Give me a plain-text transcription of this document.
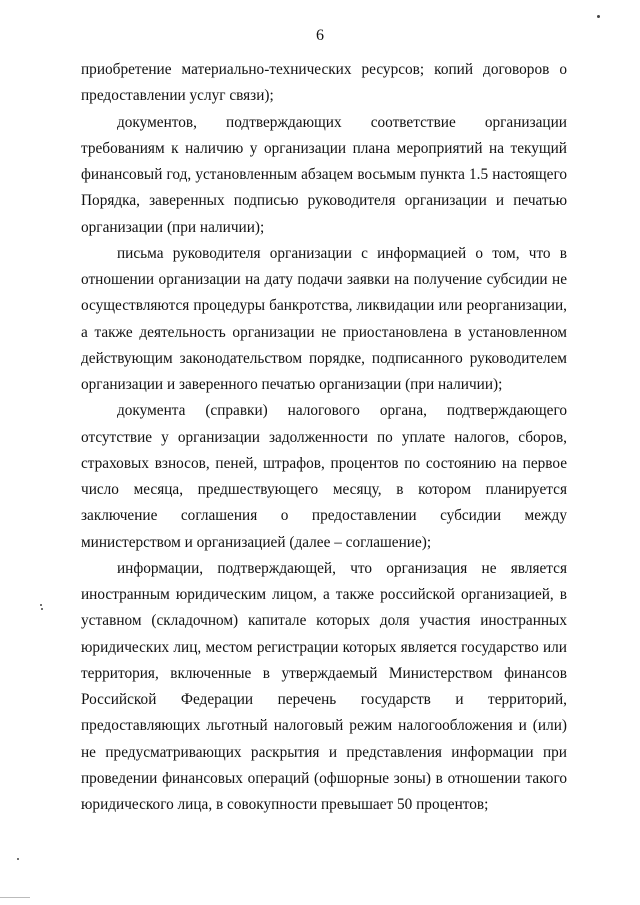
6

приобретение материально-технических ресурсов; копий договоров о предоставлении услуг связи);

документов, подтверждающих соответствие организации требованиям к наличию у организации плана мероприятий на текущий финансовый год, установленным абзацем восьмым пункта 1.5 настоящего Порядка, заверенных подписью руководителя организации и печатью организации (при наличии);

письма руководителя организации с информацией о том, что в отношении организации на дату подачи заявки на получение субсидии не осуществляются процедуры банкротства, ликвидации или реорганизации, а также деятельность организации не приостановлена в установленном действующим законодательством порядке, подписанного руководителем организации и заверенного печатью организации (при наличии);

документа (справки) налогового органа, подтверждающего отсутствие у организации задолженности по уплате налогов, сборов, страховых взносов, пеней, штрафов, процентов по состоянию на первое число месяца, предшествующего месяцу, в котором планируется заключение соглашения о предоставлении субсидии между министерством и организацией (далее – соглашение);

информации, подтверждающей, что организация не является иностранным юридическим лицом, а также российской организацией, в уставном (складочном) капитале которых доля участия иностранных юридических лиц, местом регистрации которых является государство или территория, включенные в утверждаемый Министерством финансов Российской Федерации перечень государств и территорий, предоставляющих льготный налоговый режим налогообложения и (или) не предусматривающих раскрытия и представления информации при проведении финансовых операций (офшорные зоны) в отношении такого юридического лица, в совокупности превышает 50 процентов;
